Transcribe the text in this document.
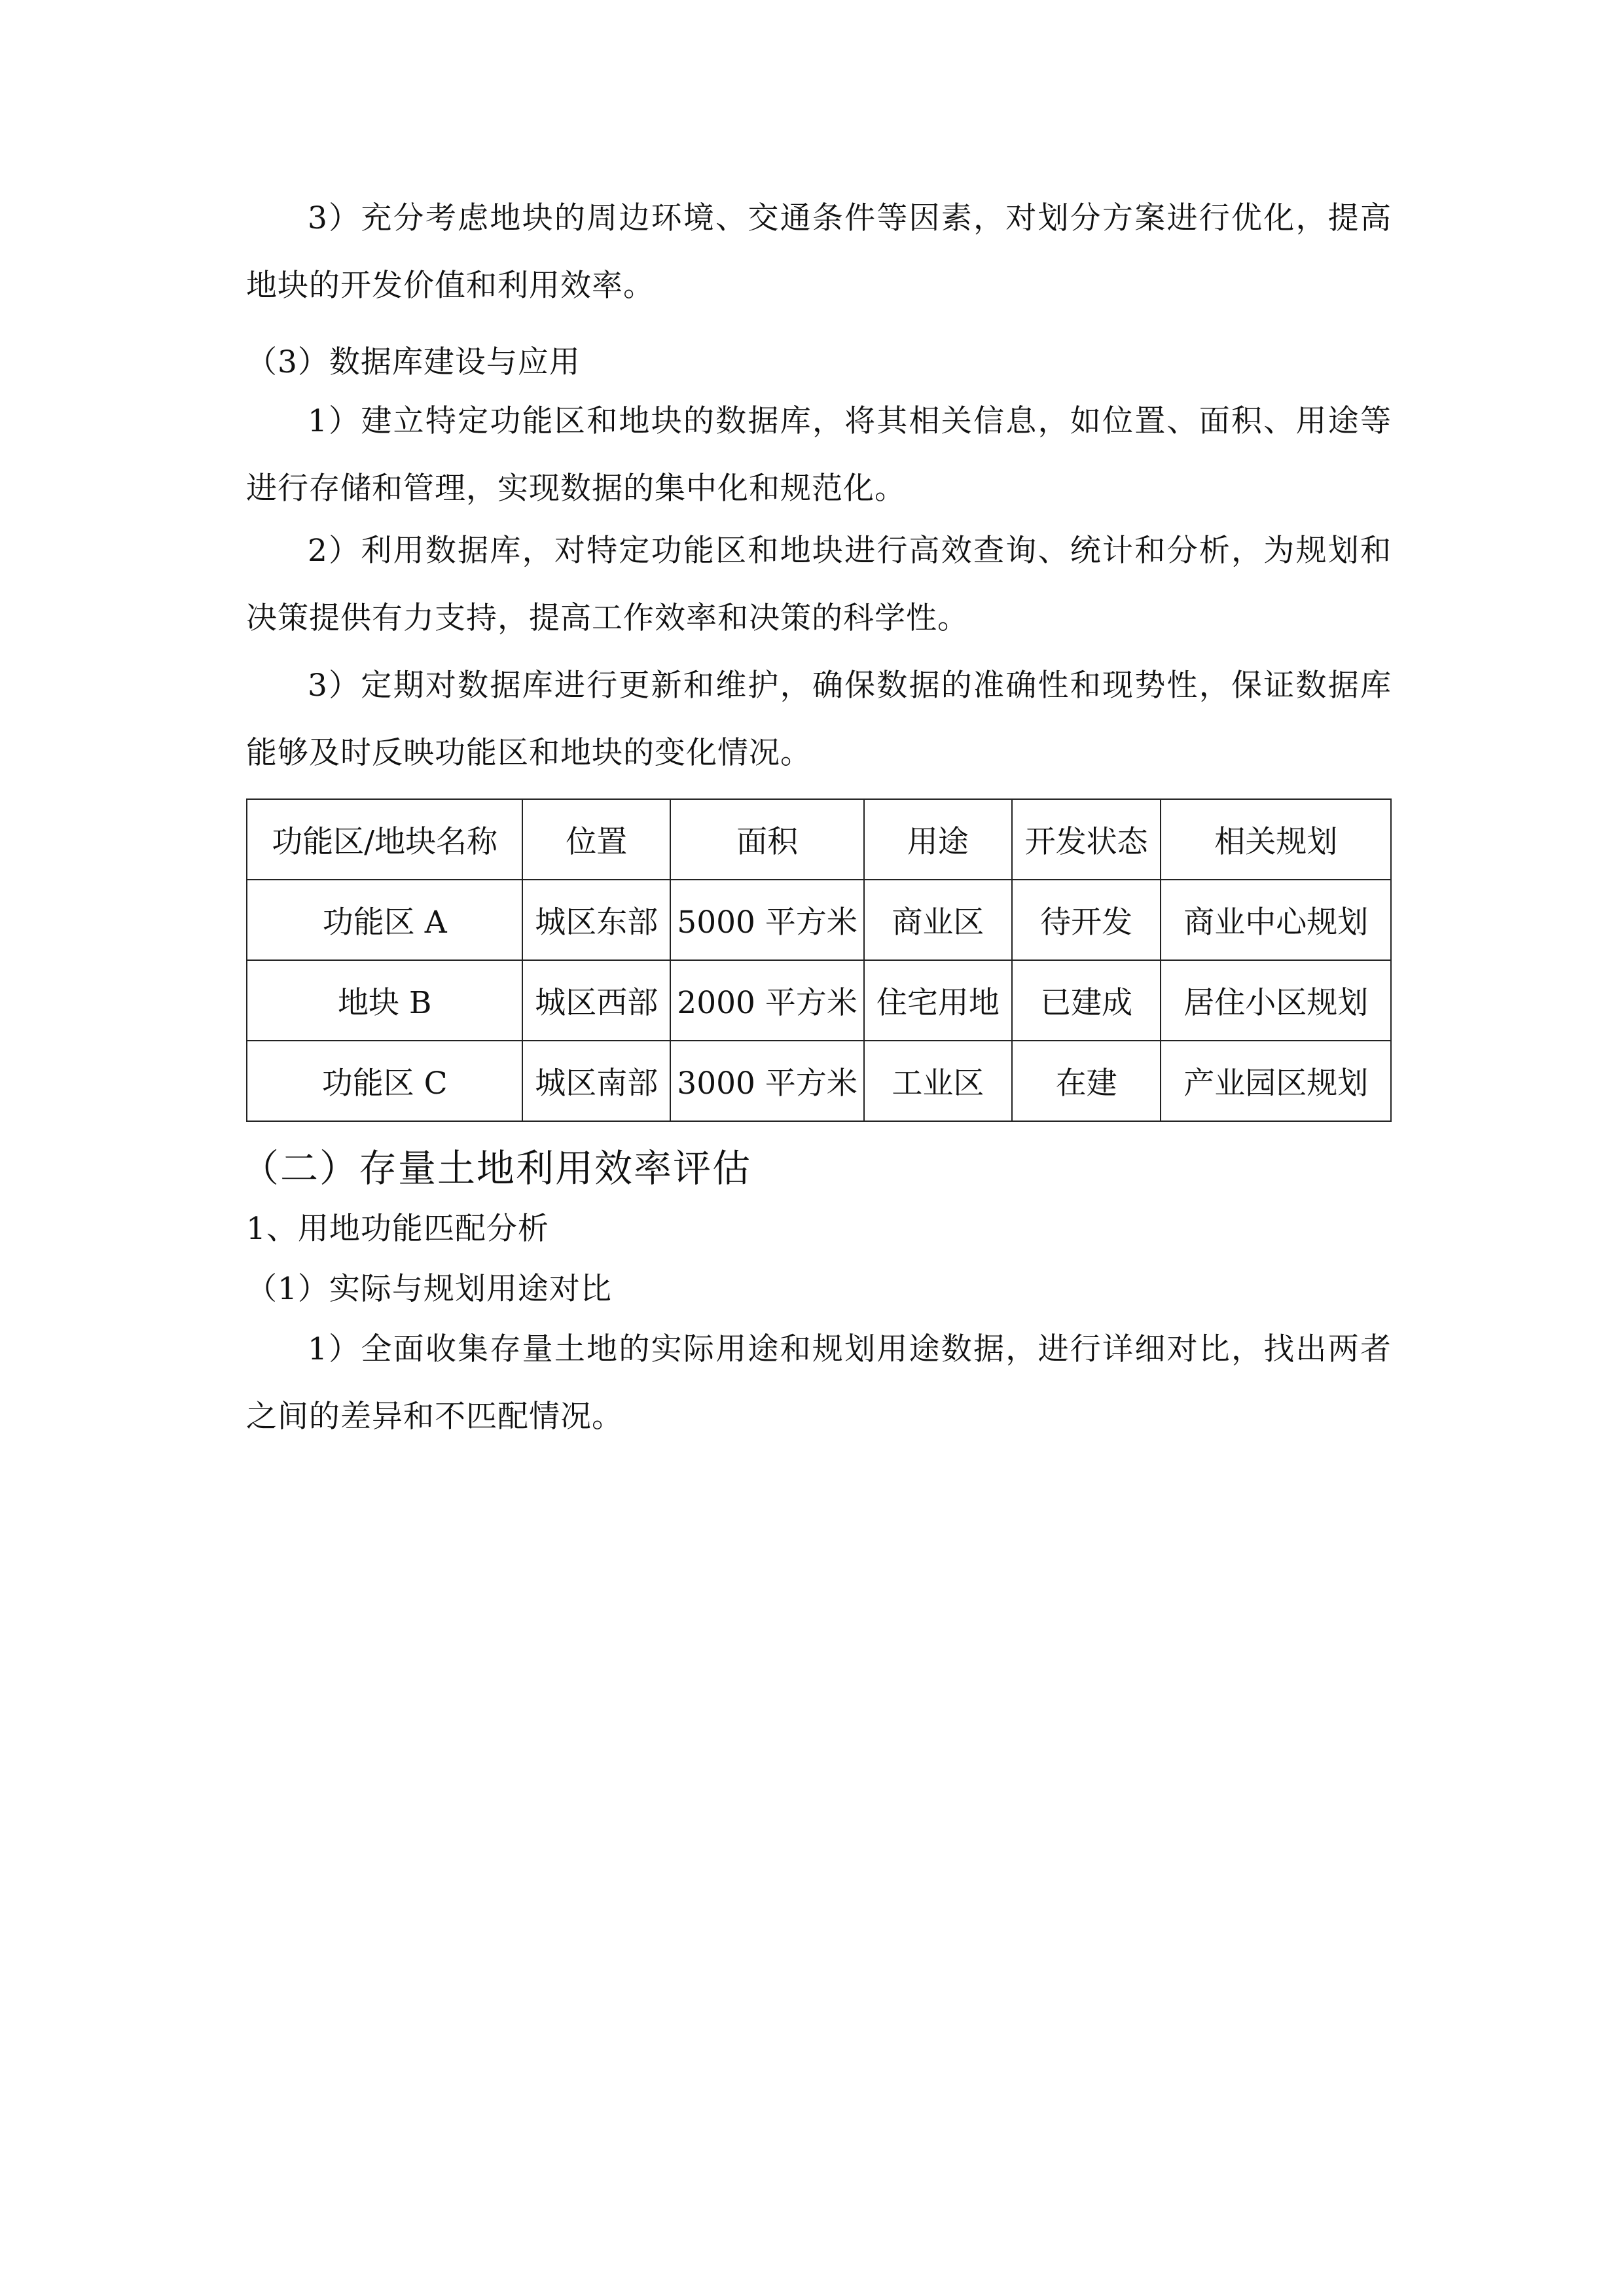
3）充分考虑地块的周边环境、交通条件等因素，对划分方案进行优化，提高地块的开发价值和利用效率。

（3）数据库建设与应用

1）建立特定功能区和地块的数据库，将其相关信息，如位置、面积、用途等进行存储和管理，实现数据的集中化和规范化。

2）利用数据库，对特定功能区和地块进行高效查询、统计和分析，为规划和决策提供有力支持，提高工作效率和决策的科学性。

3）定期对数据库进行更新和维护，确保数据的准确性和现势性，保证数据库能够及时反映功能区和地块的变化情况。

功能区/地块名称	位置	面积	用途	开发状态	相关规划
功能区 A	城区东部	5000 平方米	商业区	待开发	商业中心规划
地块 B	城区西部	2000 平方米	住宅用地	已建成	居住小区规划
功能区 C	城区南部	3000 平方米	工业区	在建	产业园区规划

（二）存量土地利用效率评估

1、用地功能匹配分析

（1）实际与规划用途对比

1）全面收集存量土地的实际用途和规划用途数据，进行详细对比，找出两者之间的差异和不匹配情况。
